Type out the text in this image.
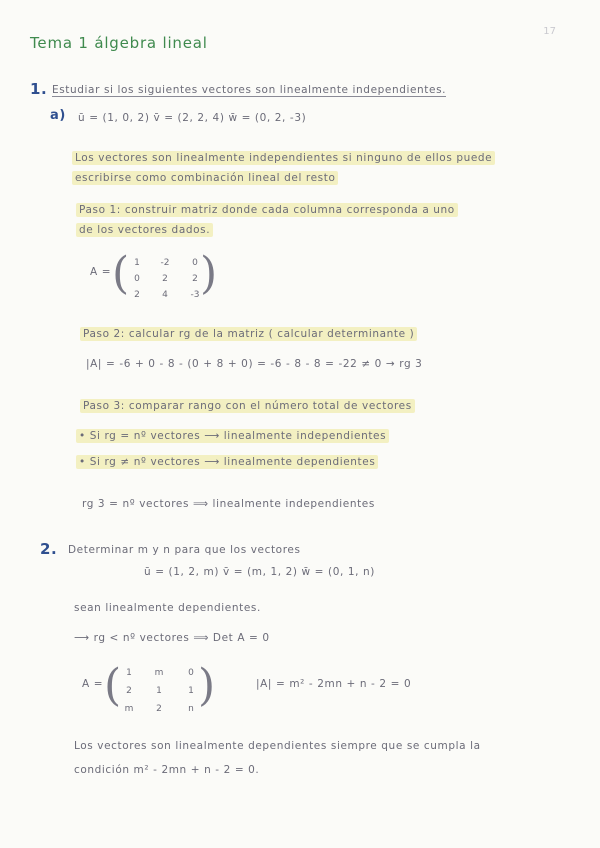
17
Tema 1 álgebra lineal
1. Estudiar si los siguientes vectores son linealmente independientes.
a) ū = (1, 0, 2) v̄ = (2, 2, 4) w̄ = (0, 2, -3)
Los vectores son linealmente independientes si ninguno de ellos puede
escribirse como combinación lineal del resto
Paso 1: construir matriz donde cada columna corresponda a uno
de los vectores dados.
A = ( )
1	-2	0
0	2	2
2	4	-3
Paso 2: calcular rg de la matriz ( calcular determinante )
|A| = -6 + 0 - 8 - (0 + 8 + 0) = -6 - 8 - 8 = -22 ≠ 0 → rg 3
Paso 3: comparar rango con el número total de vectores
• Si rg = nº vectores ⟶ linealmente independientes
• Si rg ≠ nº vectores ⟶ linealmente dependientes
rg 3 = nº vectores ⟹ linealmente independientes
2. Determinar m y n para que los vectores
ū = (1, 2, m) v̄ = (m, 1, 2) w̄ = (0, 1, n)
sean linealmente dependientes.
⟶ rg < nº vectores ⟹ Det A = 0
A = ( )
1	m	0
2	1	1
m	2	n
|A| = m² - 2mn + n - 2 = 0
Los vectores son linealmente dependientes siempre que se cumpla la
condición m² - 2mn + n - 2 = 0.
